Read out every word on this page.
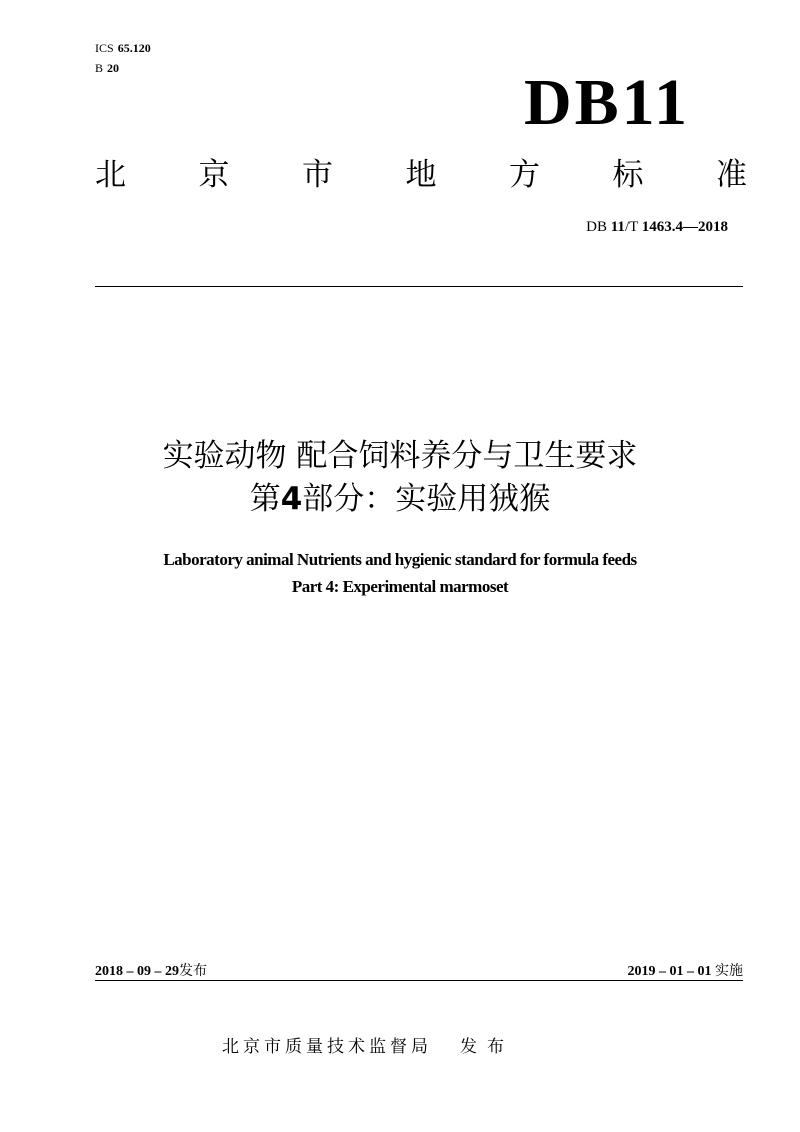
ICS 65.120
B 20	DB11
北 京 市 地 方 标 准
DB 11/T 1463.4—2018
实验动物 配合饲料养分与卫生要求
第4部分：实验用狨猴
Laboratory animal Nutrients and hygienic standard for formula feeds
Part 4: Experimental marmoset
2018 – 09 – 29发布	2019 – 01 – 01 实施
北京市质量技术监督局 发布
